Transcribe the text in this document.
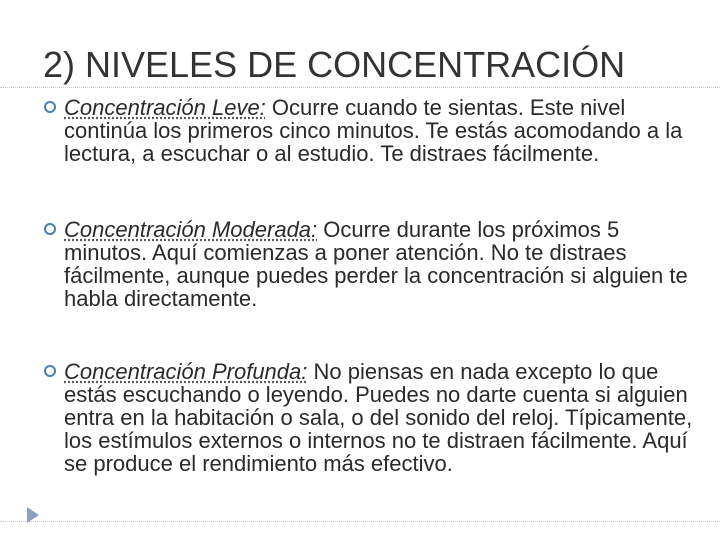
2) NIVELES DE CONCENTRACIÓN

Concentración Leve: Ocurre cuando te sientas. Este nivel continúa los primeros cinco minutos. Te estás acomodando a la lectura, a escuchar o al estudio. Te distraes fácilmente.

Concentración Moderada: Ocurre durante los próximos 5 minutos. Aquí comienzas a poner atención. No te distraes fácilmente, aunque puedes perder la concentración si alguien te habla directamente.

Concentración Profunda: No piensas en nada excepto lo que estás escuchando o leyendo. Puedes no darte cuenta si alguien entra en la habitación o sala, o del sonido del reloj. Típicamente, los estímulos externos o internos no te distraen fácilmente. Aquí se produce el rendimiento más efectivo.
